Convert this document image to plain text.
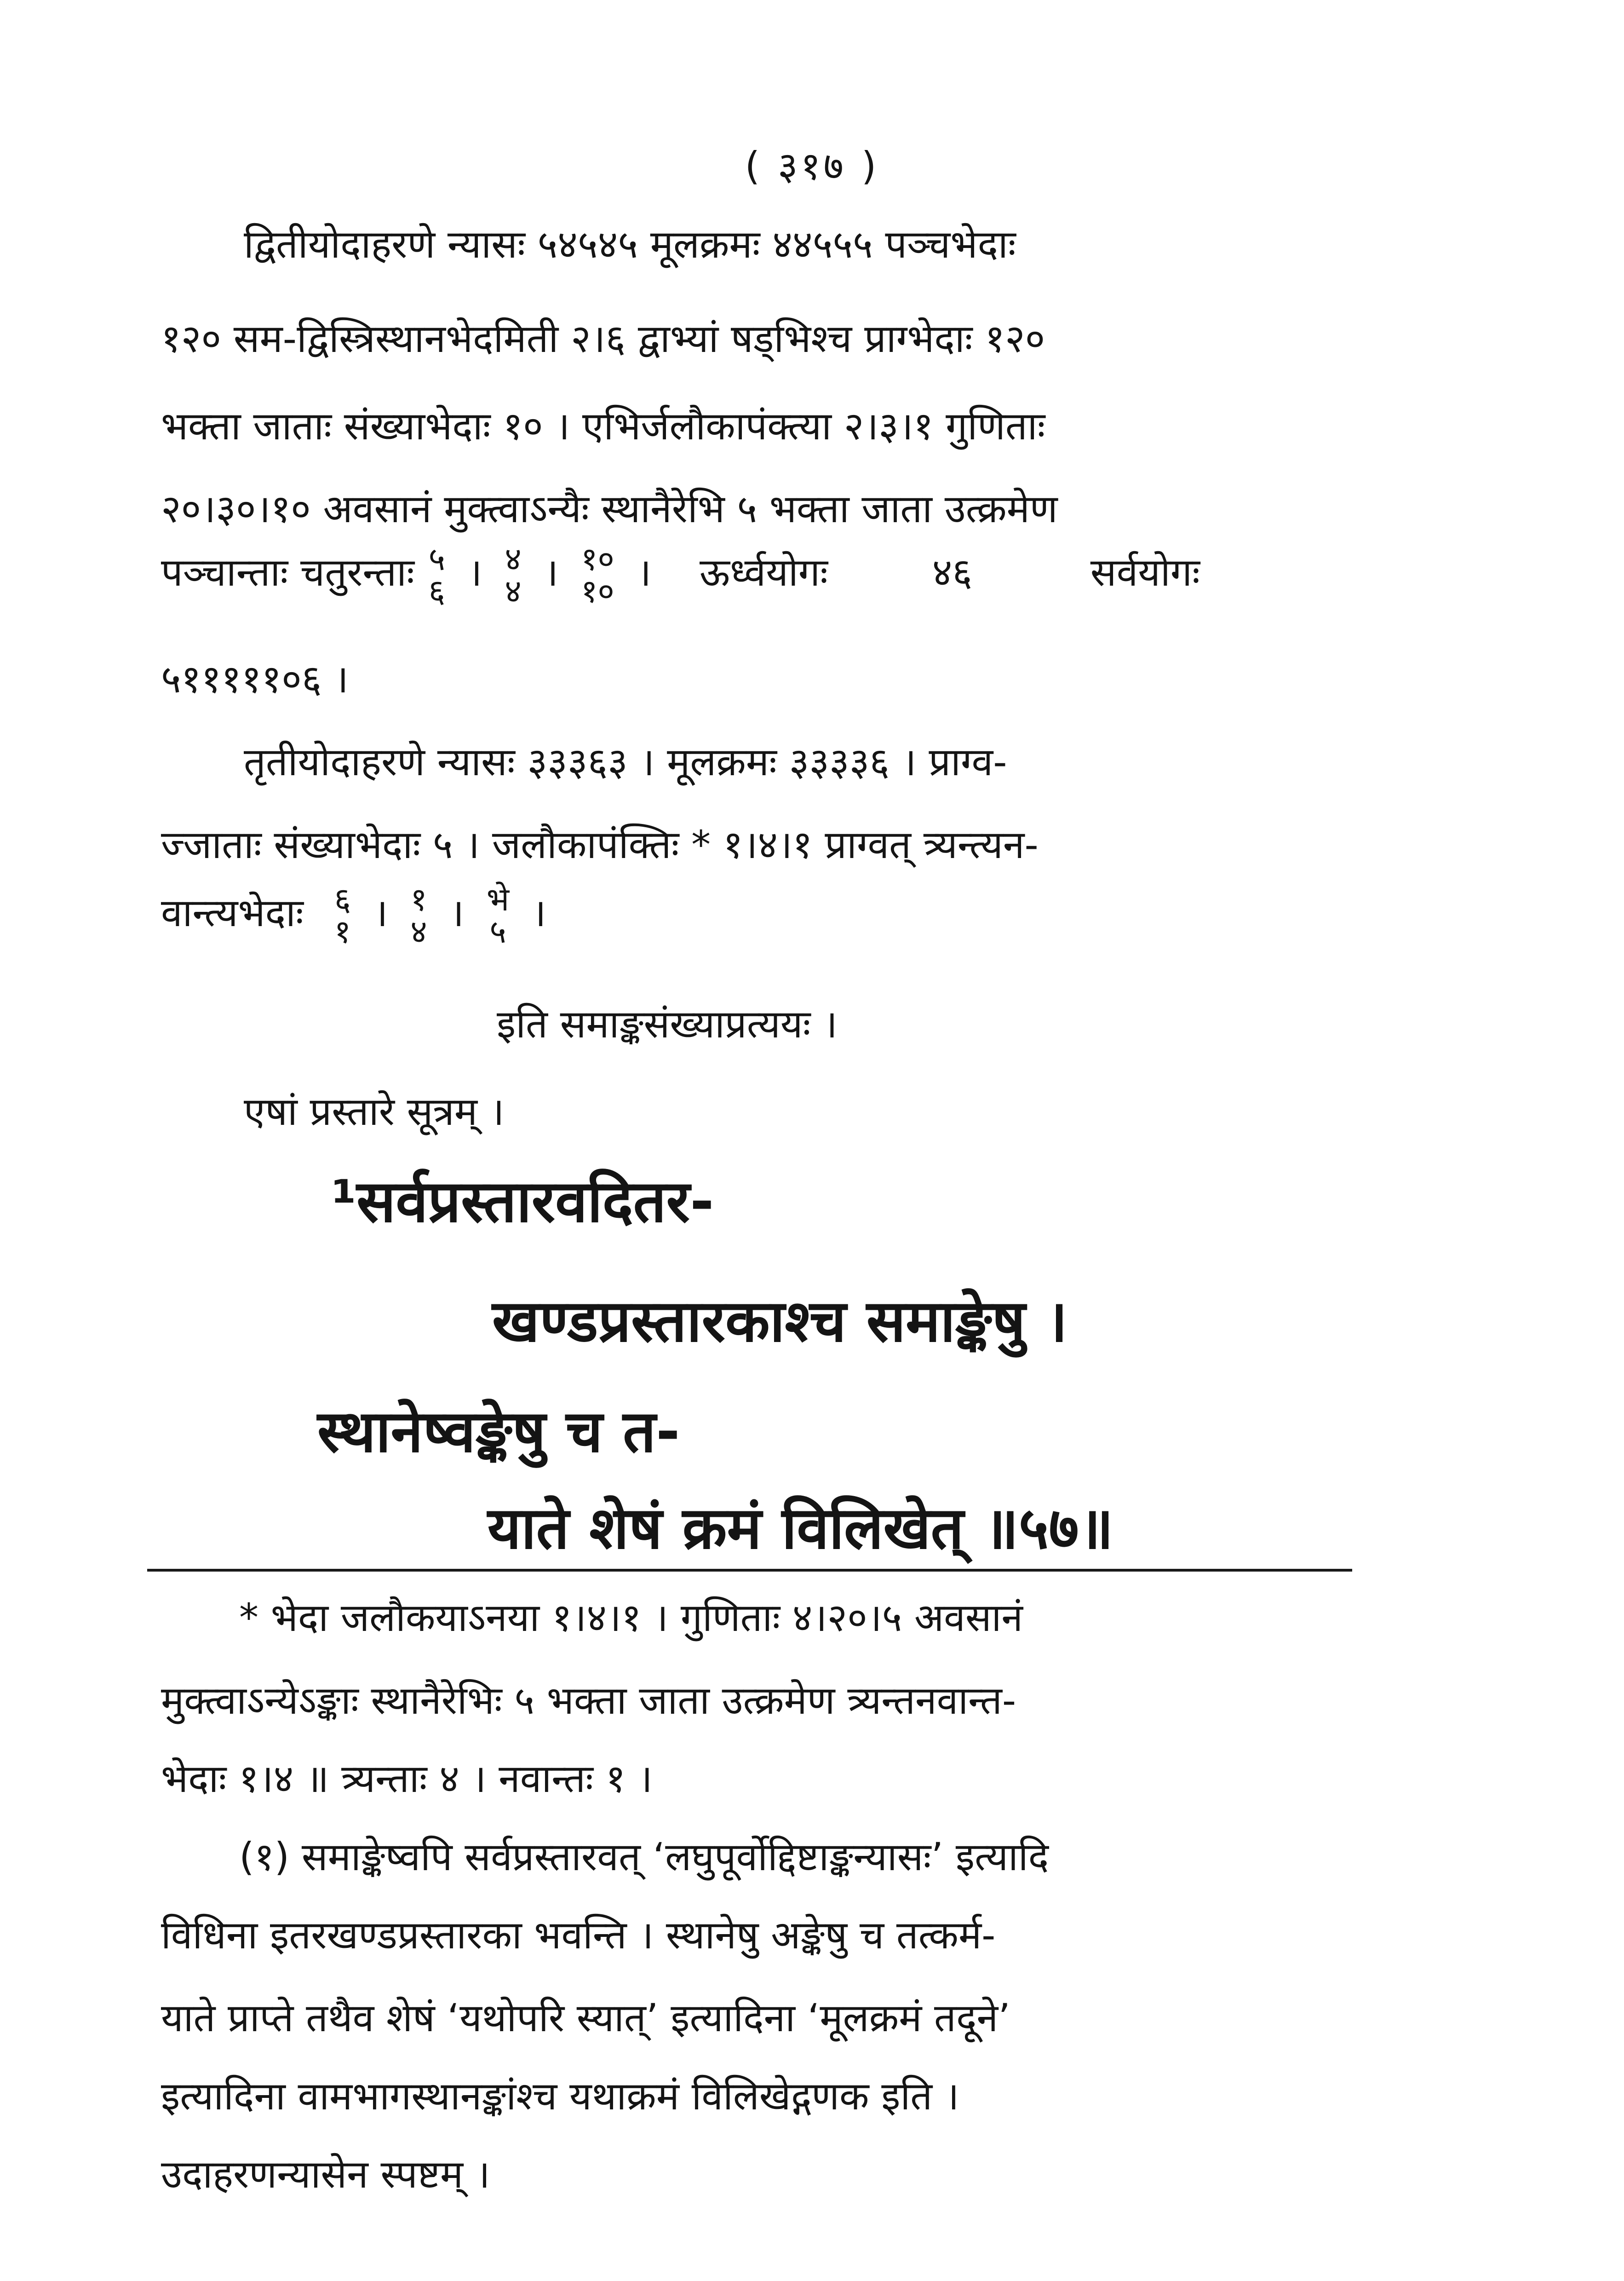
( ३१७ )
द्वितीयोदाहरणे न्यासः ५४५४५ मूलक्रमः ४४५५५ पञ्चभेदाः
१२० सम-द्विस्त्रिस्थानभेदमिती २।६ द्वाभ्यां षड्भिश्च प्राग्भेदाः १२०
भक्ता जाताः संख्याभेदाः १० । एभिर्जलौकापंक्त्या २।३।१ गुणिताः
२०।३०।१० अवसानं मुक्त्वाऽन्यैः स्थानैरेभि ५ भक्ता जाता उत्क्रमेण
पञ्चान्ताः चतुरन्ताः ५
६ । ४
४ । १०
१० । ऊर्ध्वयोगः	४६	सर्वयोगः
५१११११०६ ।
तृतीयोदाहरणे न्यासः ३३३६३ । मूलक्रमः ३३३३६ । प्राग्व-
ज्जाताः संख्याभेदाः ५ । जलौकापंक्तिः * १।४।१ प्राग्वत् त्र्यन्त्यन-
वान्त्यभेदाः ६
१ । १
४ । भे
५ ।
इति समाङ्कसंख्याप्रत्ययः ।
एषां प्रस्तारे सूत्रम् ।
¹सर्वप्रस्तारवदितर-
खण्डप्रस्तारकाश्च समाङ्केषु ।
स्थानेष्वङ्केषु च त-
याते शेषं क्रमं विलिखेत् ॥५७॥
* भेदा जलौकयाऽनया १।४।१ । गुणिताः ४।२०।५ अवसानं
मुक्त्वाऽन्येऽङ्काः स्थानैरेभिः ५ भक्ता जाता उत्क्रमेण त्र्यन्तनवान्त-
भेदाः १।४ ॥ त्र्यन्ताः ४ । नवान्तः १ ।
(१) समाङ्केष्वपि सर्वप्रस्तारवत् ‘लघुपूर्वोद्दिष्टाङ्कन्यासः’ इत्यादि
विधिना इतरखण्डप्रस्तारका भवन्ति । स्थानेषु अङ्केषु च तत्कर्म-
याते प्राप्ते तथैव शेषं ‘यथोपरि स्यात्’ इत्यादिना ‘मूलक्रमं तदूने’
इत्यादिना वामभागस्थानङ्कांश्च यथाक्रमं विलिखेद्गणक इति ।
उदाहरणन्यासेन स्पष्टम् ।
